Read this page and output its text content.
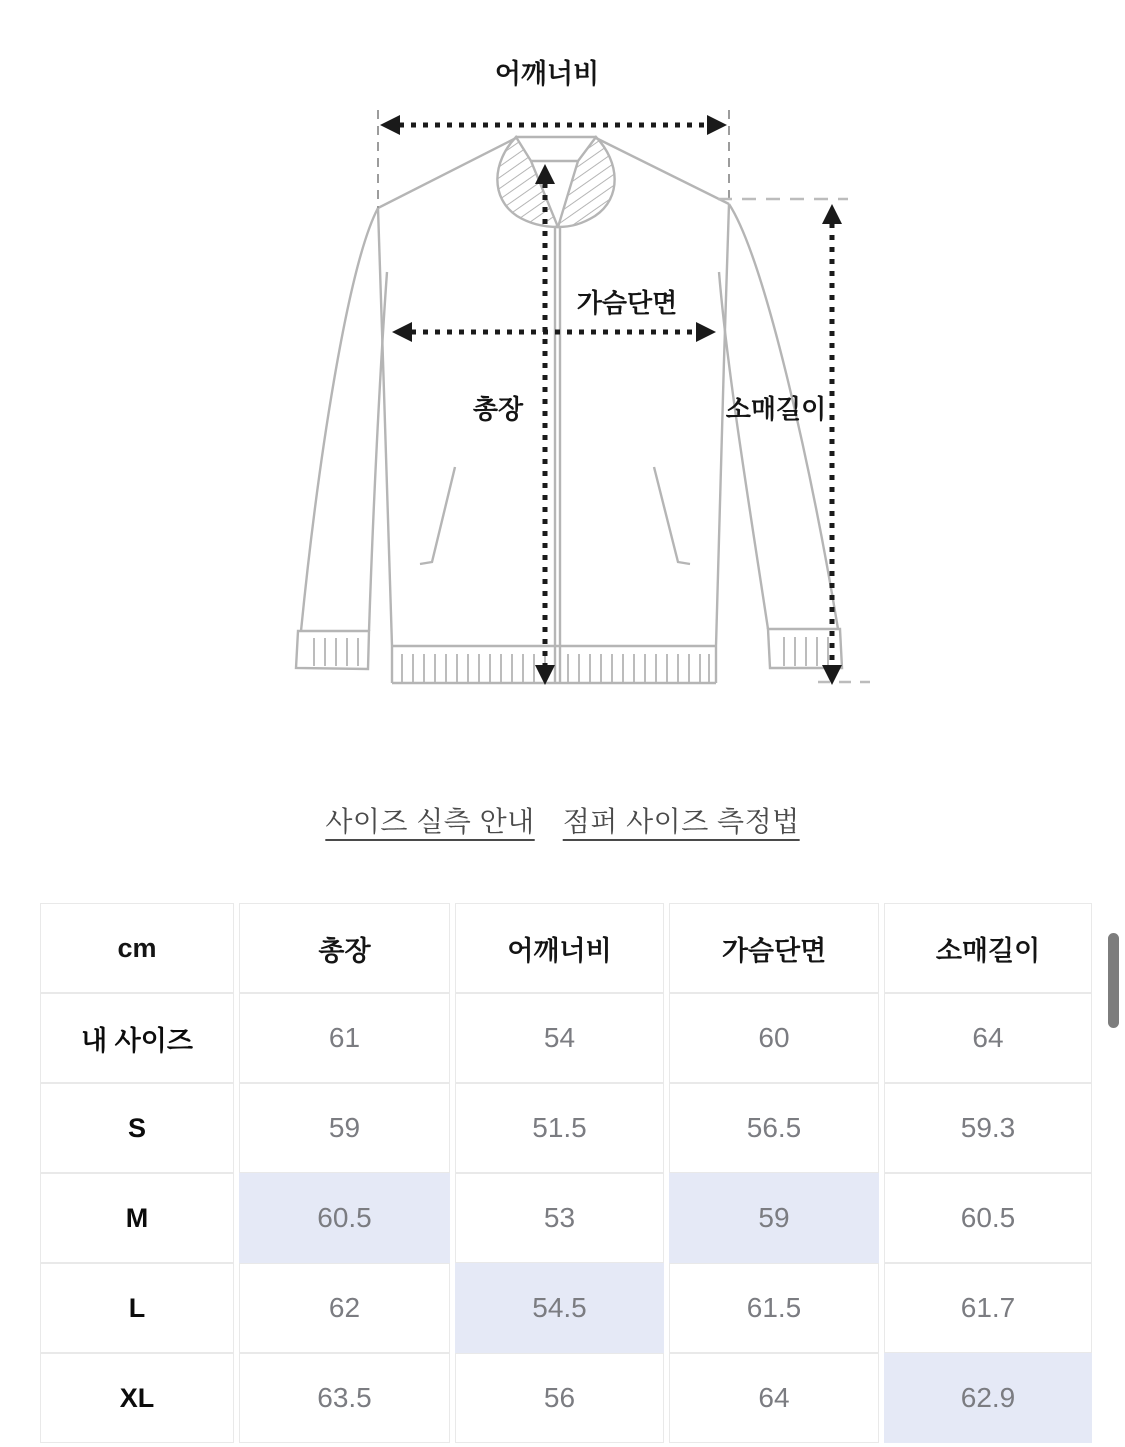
어깨너비
가슴단면
총장	소매길이
사이즈 실측 안내 점퍼 사이즈 측정법
cm	총장	어깨너비	가슴단면	소매길이
내 사이즈	61	54	60	64
S	59	51.5	56.5	59.3
M	60.5	53	59	60.5
L	62	54.5	61.5	61.7
XL	63.5	56	64	62.9
